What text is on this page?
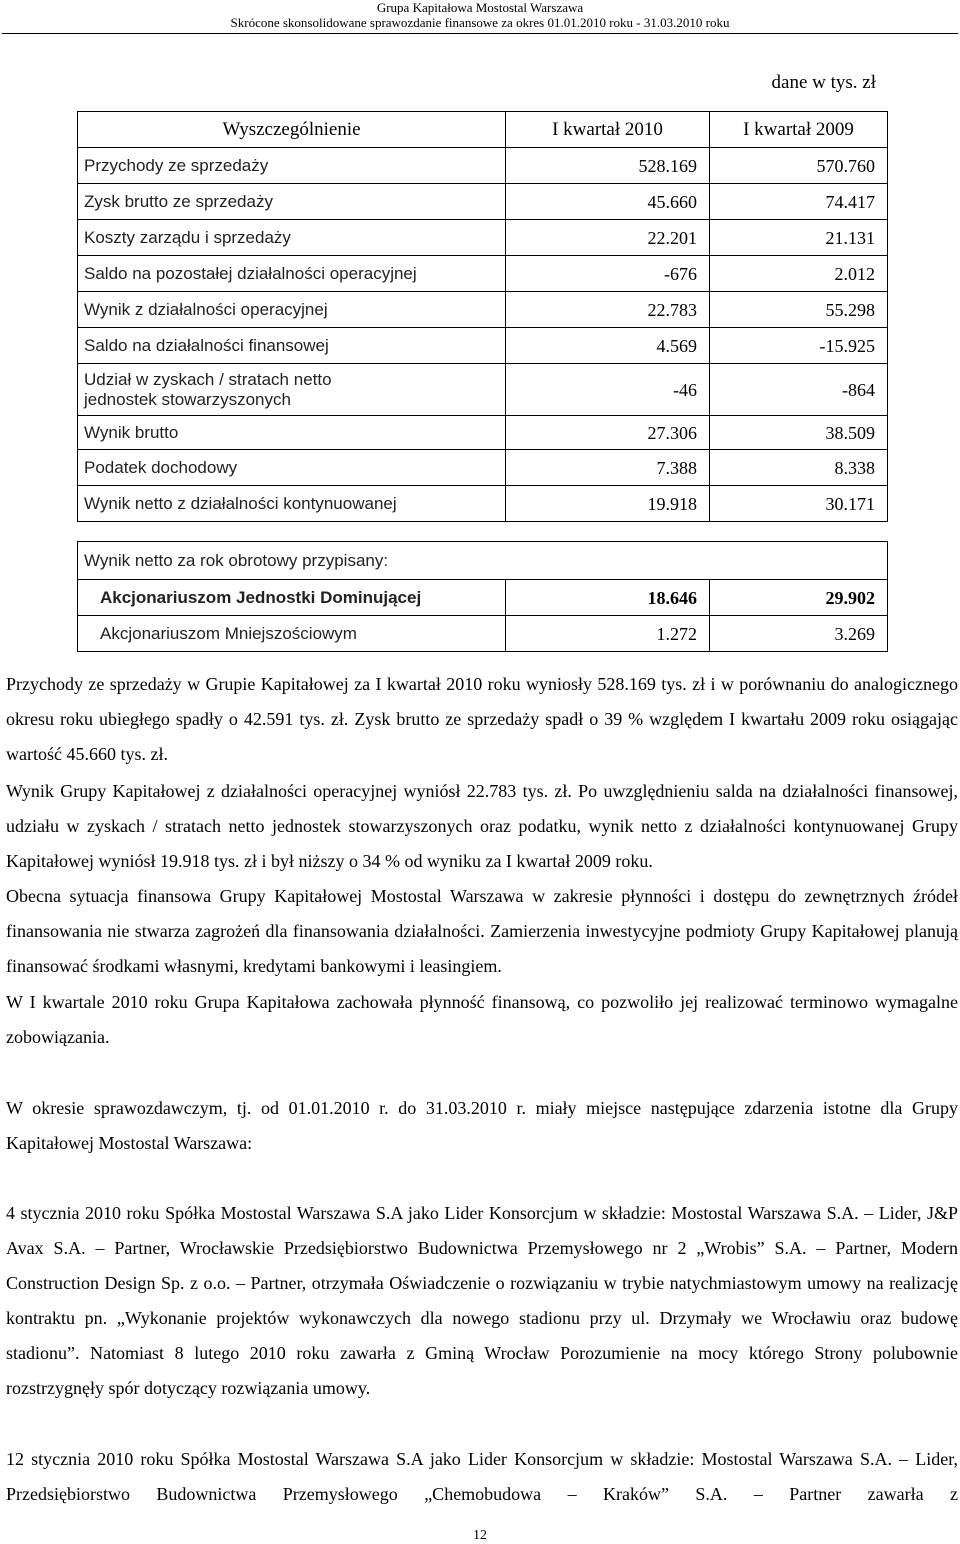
Grupa Kapitałowa Mostostal Warszawa
Skrócone skonsolidowane sprawozdanie finansowe za okres 01.01.2010 roku - 31.03.2010 roku
dane w tys. zł
Wyszczególnienie	I kwartał 2010	I kwartał 2009
Przychody ze sprzedaży	528.169	570.760
Zysk brutto ze sprzedaży	45.660	74.417
Koszty zarządu i sprzedaży	22.201	21.131
Saldo na pozostałej działalności operacyjnej	-676	2.012
Wynik z działalności operacyjnej	22.783	55.298
Saldo na działalności finansowej	4.569	-15.925
Udział w zyskach / stratach netto jednostek stowarzyszonych	-46	-864
Wynik brutto	27.306	38.509
Podatek dochodowy	7.388	8.338
Wynik netto z działalności kontynuowanej	19.918	30.171
Wynik netto za rok obrotowy przypisany:		
Akcjonariuszom Jednostki Dominującej	18.646	29.902
Akcjonariuszom Mniejszościowym	1.272	3.269

Przychody ze sprzedaży w Grupie Kapitałowej za I kwartał 2010 roku wyniosły 528.169 tys. zł i w porównaniu do analogicznego okresu roku ubiegłego spadły o 42.591 tys. zł. Zysk brutto ze sprzedaży spadł o 39 % względem I kwartału 2009 roku osiągając wartość 45.660 tys. zł.

Wynik Grupy Kapitałowej z działalności operacyjnej wyniósł 22.783 tys. zł. Po uwzględnieniu salda na działalności finansowej, udziału w zyskach / stratach netto jednostek stowarzyszonych oraz podatku, wynik netto z działalności kontynuowanej Grupy Kapitałowej wyniósł 19.918 tys. zł i był niższy o 34 % od wyniku za I kwartał 2009 roku.

Obecna sytuacja finansowa Grupy Kapitałowej Mostostal Warszawa w zakresie płynności i dostępu do zewnętrznych źródeł finansowania nie stwarza zagrożeń dla finansowania działalności. Zamierzenia inwestycyjne podmioty Grupy Kapitałowej planują finansować środkami własnymi, kredytami bankowymi i leasingiem.

W I kwartale 2010 roku Grupa Kapitałowa zachowała płynność finansową, co pozwoliło jej realizować terminowo wymagalne zobowiązania.

W okresie sprawozdawczym, tj. od 01.01.2010 r. do 31.03.2010 r. miały miejsce następujące zdarzenia istotne dla Grupy Kapitałowej Mostostal Warszawa:

4 stycznia 2010 roku Spółka Mostostal Warszawa S.A jako Lider Konsorcjum w składzie: Mostostal Warszawa S.A. – Lider, J&P Avax S.A. – Partner, Wrocławskie Przedsiębiorstwo Budownictwa Przemysłowego nr 2 „Wrobis” S.A. – Partner, Modern Construction Design Sp. z o.o. – Partner, otrzymała Oświadczenie o rozwiązaniu w trybie natychmiastowym umowy na realizację kontraktu pn. „Wykonanie projektów wykonawczych dla nowego stadionu przy ul. Drzymały we Wrocławiu oraz budowę stadionu”. Natomiast 8 lutego 2010 roku zawarła z Gminą Wrocław Porozumienie na mocy którego Strony polubownie rozstrzygnęły spór dotyczący rozwiązania umowy.

12 stycznia 2010 roku Spółka Mostostal Warszawa S.A jako Lider Konsorcjum w składzie: Mostostal Warszawa S.A. – Lider, Przedsiębiorstwo Budownictwa Przemysłowego „Chemobudowa – Kraków” S.A. – Partner zawarła z

12
